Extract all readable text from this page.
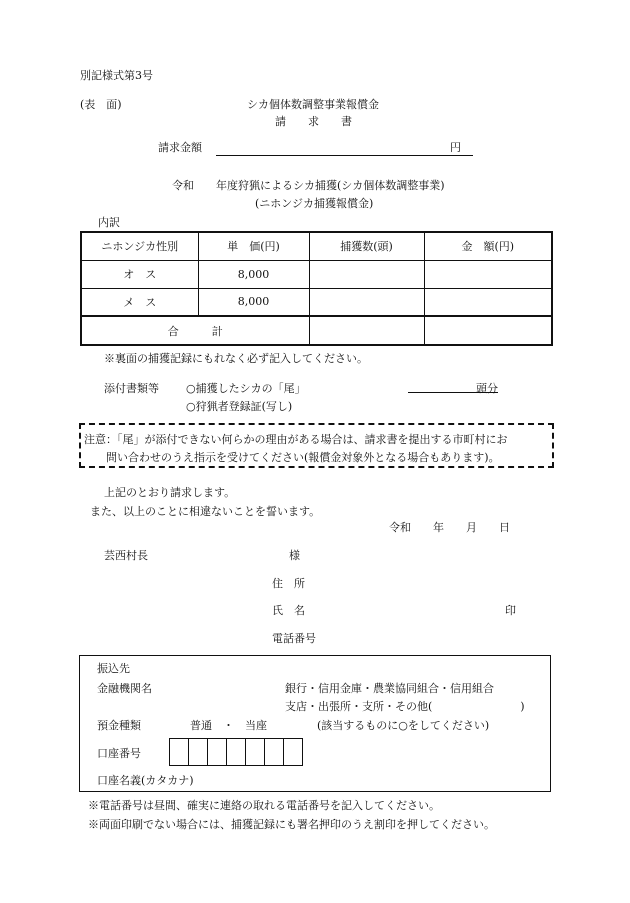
別記様式第3号
(表　面)	シカ個体数調整事業報償金
請　　求　　書
請求金額	円
令和　　年度狩猟によるシカ捕獲(シカ個体数調整事業)
(ニホンジカ捕獲報償金)
内訳
ニホンジカ性別	単　価(円)	捕獲数(頭)	金　額(円)
オ　ス	8,000		
メ　ス	8,000		
合　　　計			
※裏面の捕獲記録にもれなく必ず記入してください。
添付書類等 ○捕獲したシカの「尾」	頭分
○狩猟者登録証(写し)
注意：「尾」が添付できない何らかの理由がある場合は、請求書を提出する市町村にお
問い合わせのうえ指示を受けてください(報償金対象外となる場合もあります)。
上記のとおり請求します。
また、以上のことに相違ないことを誓います。
令和　　年　　月　　日
芸西村長	様
住　所
氏　名	印
電話番号
振込先
金融機関名	銀行・信用金庫・農業協同組合・信用組合
支店・出張所・支所・その他(　　　　　　　　)
預金種類	普通　・　当座	(該当するものに○をしてください)
口座番号
口座名義(カタカナ)
※電話番号は昼間、確実に連絡の取れる電話番号を記入してください。
※両面印刷でない場合には、捕獲記録にも署名押印のうえ割印を押してください。
